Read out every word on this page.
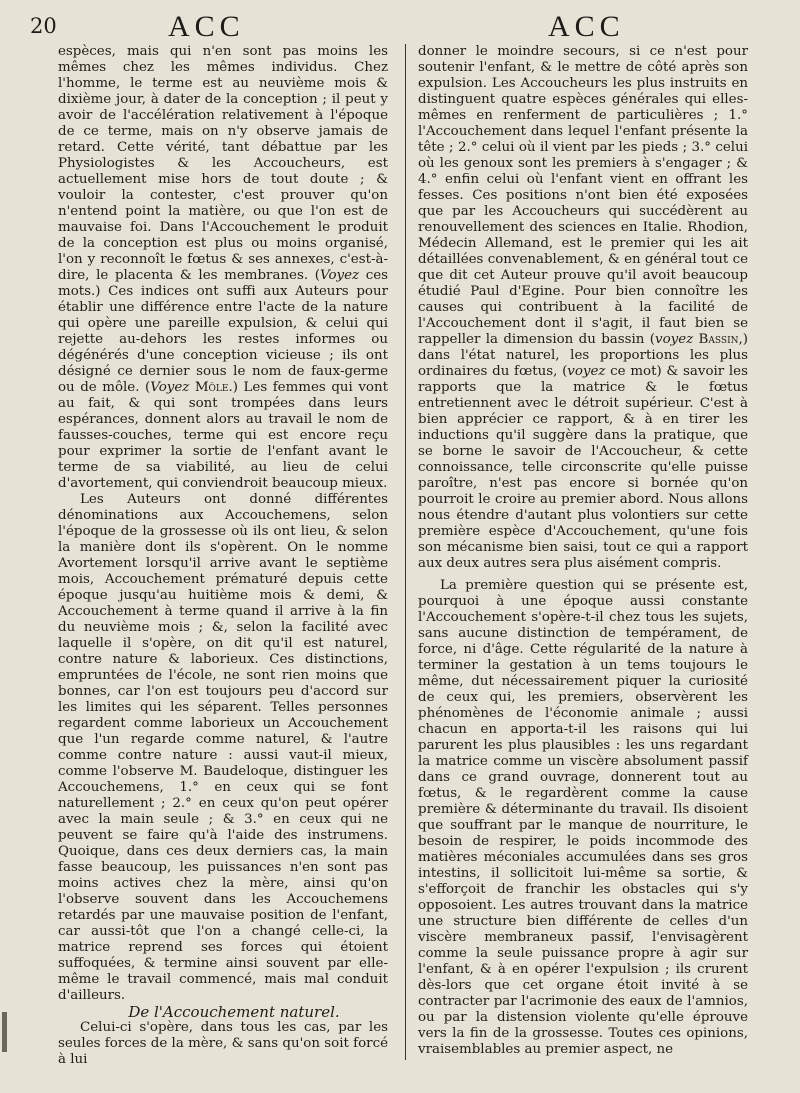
20	ACC	ACC

espèces, mais qui n'en sont pas moins les mêmes chez les mêmes individus. Chez l'homme, le terme est au neuvième mois & dixième jour, à dater de la conception ; il peut y avoir de l'accélération relativement à l'époque de ce terme, mais on n'y observe jamais de retard. Cette vérité, tant débattue par les Physiologistes & les Accoucheurs, est actuellement mise hors de tout doute ; & vouloir la contester, c'est prouver qu'on n'entend point la matière, ou que l'on est de mauvaise foi. Dans l'Accouchement le produit de la conception est plus ou moins organisé, l'on y reconnoît le fœtus & ses annexes, c'est-à-dire, le placenta & les membranes. (Voyez ces mots.) Ces indices ont suffi aux Auteurs pour établir une différence entre l'acte de la nature qui opère une pareille expulsion, & celui qui rejette au-dehors les restes informes ou dégénérés d'une conception vicieuse ; ils ont désigné ce dernier sous le nom de faux-germe ou de môle. (Voyez Môle.) Les femmes qui vont au fait, & qui sont trompées dans leurs espérances, donnent alors au travail le nom de fausses-couches, terme qui est encore reçu pour exprimer la sortie de l'enfant avant le terme de sa viabilité, au lieu de celui d'avortement, qui conviendroit beaucoup mieux.

Les Auteurs ont donné différentes dénominations aux Accouchemens, selon l'époque de la grossesse où ils ont lieu, & selon la manière dont ils s'opèrent. On le nomme Avortement lorsqu'il arrive avant le septième mois, Accouchement prématuré depuis cette époque jusqu'au huitième mois & demi, & Accouchement à terme quand il arrive à la fin du neuvième mois ; &, selon la facilité avec laquelle il s'opère, on dit qu'il est naturel, contre nature & laborieux. Ces distinctions, empruntées de l'école, ne sont rien moins que bonnes, car l'on est toujours peu d'accord sur les limites qui les séparent. Telles personnes regardent comme laborieux un Accouchement que l'un regarde comme naturel, & l'autre comme contre nature : aussi vaut-il mieux, comme l'observe M. Baudeloque, distinguer les Accouchemens, 1.° en ceux qui se font naturellement ; 2.° en ceux qu'on peut opérer avec la main seule ; & 3.° en ceux qui ne peuvent se faire qu'à l'aide des instrumens. Quoique, dans ces deux derniers cas, la main fasse beaucoup, les puissances n'en sont pas moins actives chez la mère, ainsi qu'on l'observe souvent dans les Accouchemens retardés par une mauvaise position de l'enfant, car aussi-tôt que l'on a changé celle-ci, la matrice reprend ses forces qui étoient suffoquées, & termine ainsi souvent par elle-même le travail commencé, mais mal conduit d'ailleurs.

De l'Accouchement naturel.

Celui-ci s'opère, dans tous les cas, par les seules forces de la mère, & sans qu'on soit forcé à lui

donner le moindre secours, si ce n'est pour soutenir l'enfant, & le mettre de côté après son expulsion. Les Accoucheurs les plus instruits en distinguent quatre espèces générales qui elles-mêmes en renferment de particulières ; 1.° l'Accouchement dans lequel l'enfant présente la tête ; 2.° celui où il vient par les pieds ; 3.° celui où les genoux sont les premiers à s'engager ; & 4.° enfin celui où l'enfant vient en offrant les fesses. Ces positions n'ont bien été exposées que par les Accoucheurs qui succédèrent au renouvellement des sciences en Italie. Rhodion, Médecin Allemand, est le premier qui les ait détaillées convenablement, & en général tout ce que dit cet Auteur prouve qu'il avoit beaucoup étudié Paul d'Egine. Pour bien connoître les causes qui contribuent à la facilité de l'Accouchement dont il s'agit, il faut bien se rappeller la dimension du bassin (voyez Bassin,) dans l'état naturel, les proportions les plus ordinaires du fœtus, (voyez ce mot) & savoir les rapports que la matrice & le fœtus entretiennent avec le détroit supérieur. C'est à bien apprécier ce rapport, & à en tirer les inductions qu'il suggère dans la pratique, que se borne le savoir de l'Accoucheur, & cette connoissance, telle circonscrite qu'elle puisse paroître, n'est pas encore si bornée qu'on pourroit le croire au premier abord. Nous allons nous étendre d'autant plus volontiers sur cette première espèce d'Accouchement, qu'une fois son mécanisme bien saisi, tout ce qui a rapport aux deux autres sera plus aisément compris.

La première question qui se présente est, pourquoi à une époque aussi constante l'Accouchement s'opère-t-il chez tous les sujets, sans aucune distinction de tempérament, de force, ni d'âge. Cette régularité de la nature à terminer la gestation à un tems toujours le même, dut nécessairement piquer la curiosité de ceux qui, les premiers, observèrent les phénomènes de l'économie animale ; aussi chacun en apporta-t-il les raisons qui lui parurent les plus plausibles : les uns regardant la matrice comme un viscère absolument passif dans ce grand ouvrage, donnerent tout au fœtus, & le regardèrent comme la cause première & déterminante du travail. Ils disoient que souffrant par le manque de nourriture, le besoin de respirer, le poids incommode des matières méconiales accumulées dans ses gros intestins, il sollicitoit lui-même sa sortie, & s'efforçoit de franchir les obstacles qui s'y opposoient. Les autres trouvant dans la matrice une structure bien différente de celles d'un viscère membraneux passif, l'envisagèrent comme la seule puissance propre à agir sur l'enfant, & à en opérer l'expulsion ; ils crurent dès-lors que cet organe étoit invité à se contracter par l'acrimonie des eaux de l'amnios, ou par la distension violente qu'elle éprouve vers la fin de la grossesse. Toutes ces opinions, vraisemblables au premier aspect, ne
